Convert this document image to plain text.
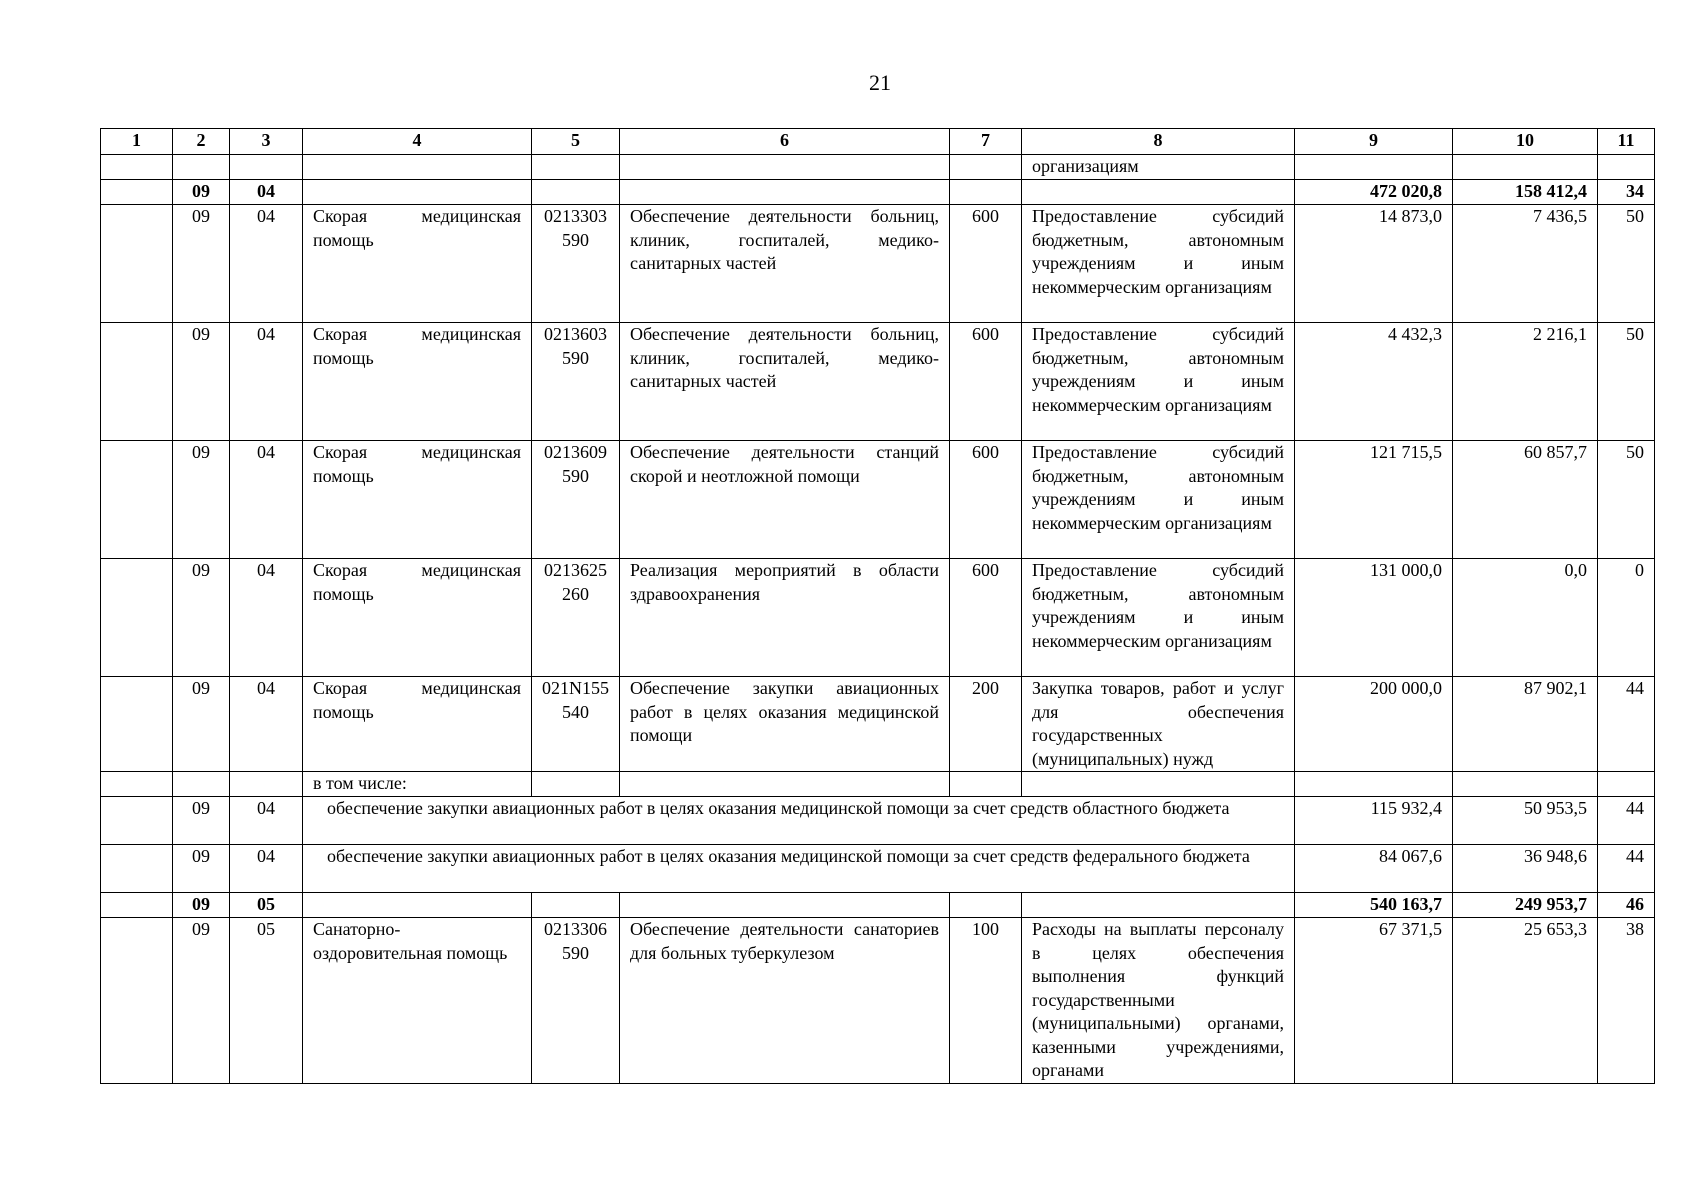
21
1	2	3	4	5	6	7	8	9	10	11
							организациям			
	09	04						472 020,8	158 412,4	34
	09	04	Скорая медицинская помощь	0213303590	Обеспечение деятельности больниц, клиник, госпиталей, медико-санитарных частей	600	Предоставление субсидий бюджетным, автономным учреждениям и иным некоммерческим организациям	14 873,0	7 436,5	50
	09	04	Скорая медицинская помощь	0213603590	Обеспечение деятельности больниц, клиник, госпиталей, медико-санитарных частей	600	Предоставление субсидий бюджетным, автономным учреждениям и иным некоммерческим организациям	4 432,3	2 216,1	50
	09	04	Скорая медицинская помощь	0213609590	Обеспечение деятельности станций скорой и неотложной помощи	600	Предоставление субсидий бюджетным, автономным учреждениям и иным некоммерческим организациям	121 715,5	60 857,7	50
	09	04	Скорая медицинская помощь	0213625260	Реализация мероприятий в области здравоохранения	600	Предоставление субсидий бюджетным, автономным учреждениям и иным некоммерческим организациям	131 000,0	0,0	0
	09	04	Скорая медицинская помощь	021N155540	Обеспечение закупки авиационных работ в целях оказания медицинской помощи	200	Закупка товаров, работ и услуг для обеспечения государственных (муниципальных) нужд	200 000,0	87 902,1	44
			в том числе:							
	09	04	обеспечение закупки авиационных работ в целях оказания медицинской помощи за счет средств областного бюджета					115 932,4	50 953,5	44
	09	04	обеспечение закупки авиационных работ в целях оказания медицинской помощи за счет средств федерального бюджета					84 067,6	36 948,6	44
	09	05						540 163,7	249 953,7	46
	09	05	Санаторно-оздоровительная помощь	0213306590	Обеспечение деятельности санаториев для больных туберкулезом	100	Расходы на выплаты персоналу в целях обеспечения выполнения функций государственными (муниципальными) органами, казенными учреждениями, органами	67 371,5	25 653,3	38
